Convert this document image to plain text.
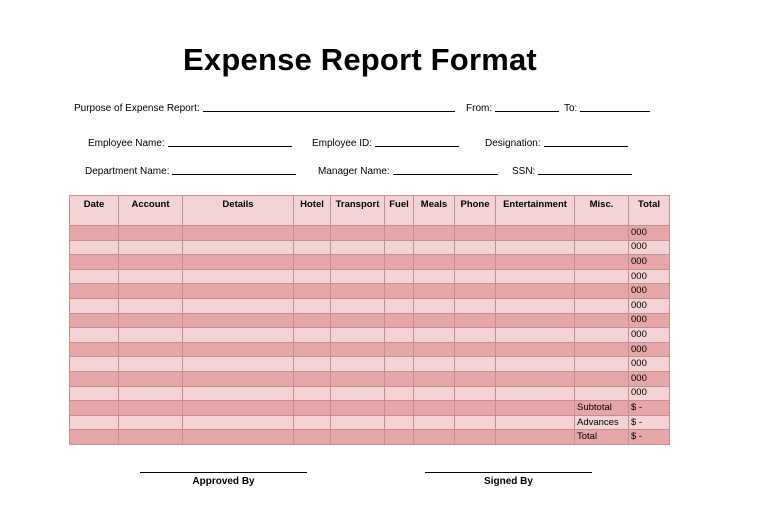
Expense Report Format
Purpose of Expense Report:	From:	To:
Employee Name:	Employee ID:	Designation:
Department Name:	Manager Name:	SSN:
Date	Account	Details	Hotel	Transport	Fuel	Meals	Phone	Entertainment	Misc.	Total
										000
										000
										000
										000
										000
										000
										000
										000
										000
										000
										000
										000
									Subtotal	$ -
									Advances	$ -
									Total	$ -
Approved By	Signed By
